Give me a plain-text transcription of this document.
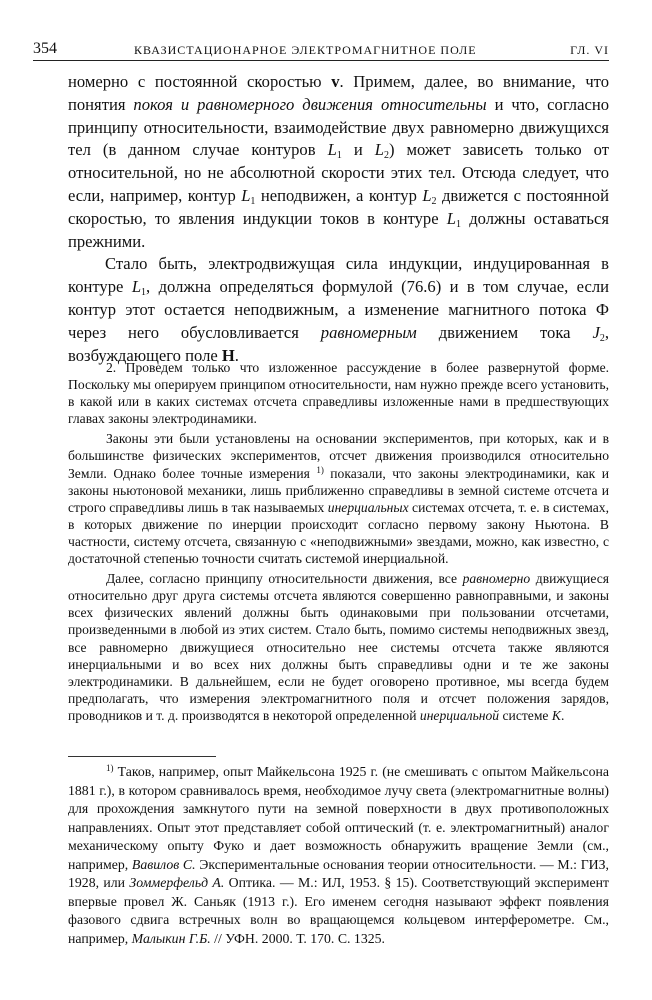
354	КВАЗИСТАЦИОНАРНОЕ ЭЛЕКТРОМАГНИТНОЕ ПОЛЕ	ГЛ. VI

номерно с постоянной скоростью v. Примем, далее, во внимание, что понятия покоя и равномерного движения относительны и что, согласно принципу относительности, взаимодействие двух равномерно движущихся тел (в данном случае контуров $L_1$ и $L_2$) может зависеть только от относительной, но не абсолютной скорости этих тел. Отсюда следует, что если, например, контур $L_1$ неподвижен, а контур $L_2$ движется с постоянной скоростью, то явления индукции токов в контуре $L_1$ должны оставаться прежними.

Стало быть, электродвижущая сила индукции, индуцированная в контуре $L_1$, должна определяться формулой (76.6) и в том случае, если контур этот остается неподвижным, а изменение магнитного потока Ф через него обусловливается равномерным движением тока $J_2$, возбуждающего поле H.

2. Проведем только что изложенное рассуждение в более развернутой форме. Поскольку мы оперируем принципом относительности, нам нужно прежде всего установить, в какой или в каких системах отсчета справедливы изложенные нами в предшествующих главах законы электродинамики.

Законы эти были установлены на основании экспериментов, при которых, как и в большинстве физических экспериментов, отсчет движения производился относительно Земли. Однако более точные измерения $^{1)}$ показали, что законы электродинамики, как и законы ньютоновой механики, лишь приближенно справедливы в земной системе отсчета и строго справедливы лишь в так называемых инерциальных системах отсчета, т. е. в системах, в которых движение по инерции происходит согласно первому закону Ньютона. В частности, систему отсчета, связанную с «неподвижными» звездами, можно, как известно, с достаточной степенью точности считать системой инерциальной.

Далее, согласно принципу относительности движения, все равномерно движущиеся относительно друг друга системы отсчета являются совершенно равноправными, и законы всех физических явлений должны быть одинаковыми при пользовании отсчетами, произведенными в любой из этих систем. Стало быть, помимо системы неподвижных звезд, все равномерно движущиеся относительно нее системы отсчета также являются инерциальными и во всех них должны быть справедливы одни и те же законы электродинамики. В дальнейшем, если не будет оговорено противное, мы всегда будем предполагать, что измерения электромагнитного поля и отсчет положения зарядов, проводников и т. д. производятся в некоторой определенной инерциальной системе K.

$^{1)}$ Таков, например, опыт Майкельсона 1925 г. (не смешивать с опытом Майкельсона 1881 г.), в котором сравнивалось время, необходимое лучу света (электромагнитные волны) для прохождения замкнутого пути на земной поверхности в двух противоположных направлениях. Опыт этот представляет собой оптический (т. е. электромагнитный) аналог механическому опыту Фуко и дает возможность обнаружить вращение Земли (см., например, Вавилов С. Экспериментальные основания теории относительности. — М.: ГИЗ, 1928, или Зоммерфельд А. Оптика. — М.: ИЛ, 1953. § 15). Соответствующий эксперимент впервые провел Ж. Саньяк (1913 г.). Его именем сегодня называют эффект появления фазового сдвига встречных волн во вращающемся кольцевом интерферометре. См., например, Малыкин Г.Б. // УФН. 2000. Т. 170. С. 1325.
